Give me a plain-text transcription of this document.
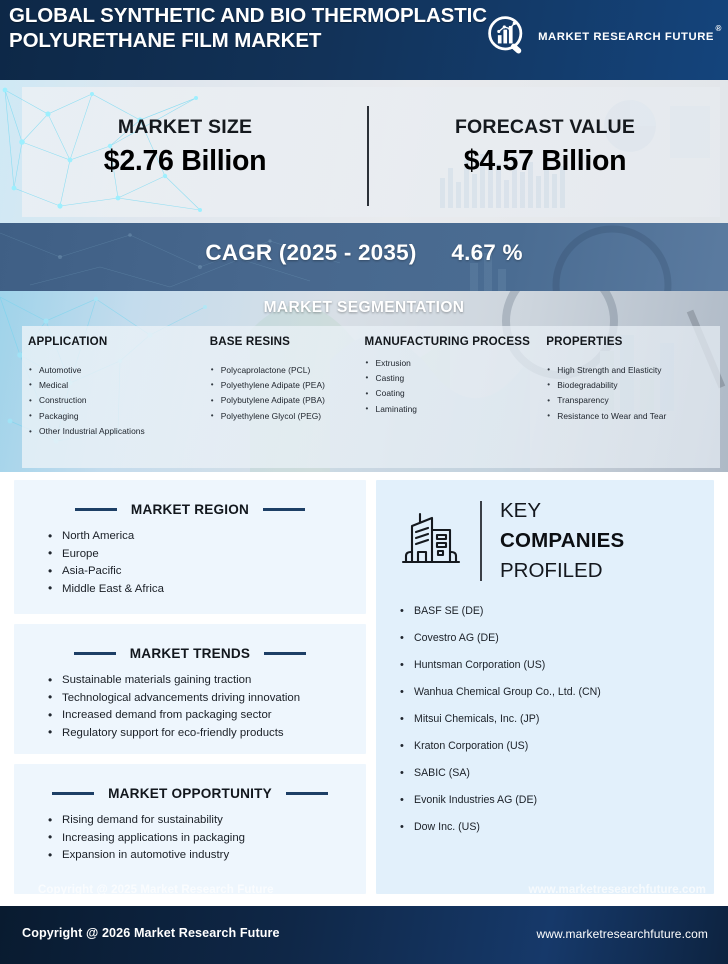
GLOBAL SYNTHETIC AND BIO THERMOPLASTIC POLYURETHANE FILM MARKET	MARKET RESEARCH FUTURE
®
MARKET SIZE
$2.76 Billion
FORECAST VALUE
$4.57 Billion
CAGR (2025 - 2035) 4.67 %
MARKET SEGMENTATION
APPLICATION
• Automotive
• Medical
• Construction
• Packaging
• Other Industrial Applications
BASE RESINS
• Polycaprolactone (PCL)
• Polyethylene Adipate (PEA)
• Polybutylene Adipate (PBA)
• Polyethylene Glycol (PEG)
MANUFACTURING PROCESS
• Extrusion
• Casting
• Coating
• Laminating
PROPERTIES
• High Strength and Elasticity
• Biodegradability
• Transparency
• Resistance to Wear and Tear
MARKET REGION
• North America
• Europe
• Asia-Pacific
• Middle East & Africa
MARKET TRENDS
• Sustainable materials gaining traction
• Technological advancements driving innovation
• Increased demand from packaging sector
• Regulatory support for eco-friendly products
MARKET OPPORTUNITY
• Rising demand for sustainability
• Increasing applications in packaging
• Expansion in automotive industry
Copyright @ 2025 Market Research Future
KEY
COMPANIES
PROFILED
• BASF SE (DE)
• Covestro AG (DE)
• Huntsman Corporation (US)
• Wanhua Chemical Group Co., Ltd. (CN)
• Mitsui Chemicals, Inc. (JP)
• Kraton Corporation (US)
• SABIC (SA)
• Evonik Industries AG (DE)
• Dow Inc. (US)
www.marketresearchfuture.com
Copyright @ 2026 Market Research Future	www.marketresearchfuture.com
